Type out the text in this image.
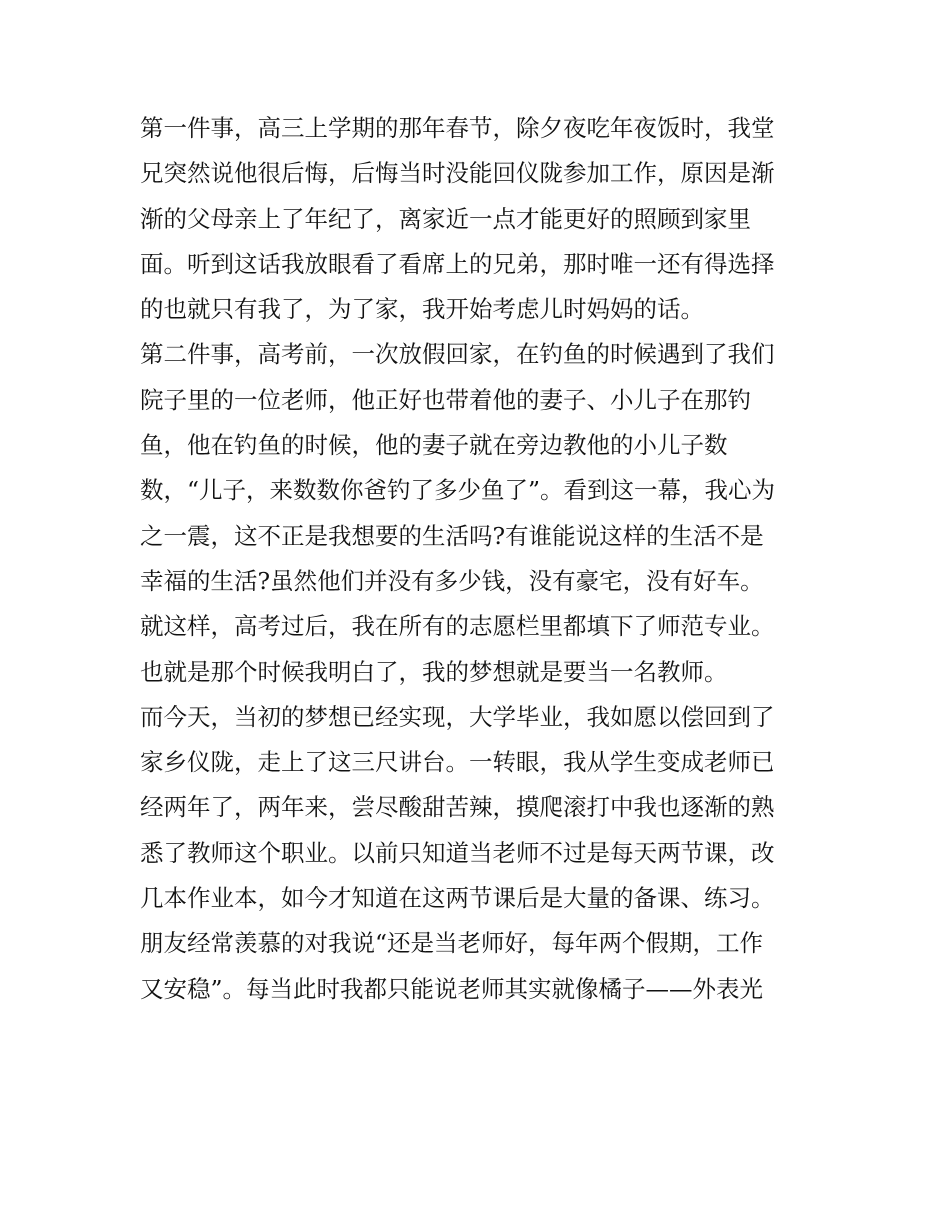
第一件事，高三上学期的那年春节，除夕夜吃年夜饭时，我堂
兄突然说他很后悔，后悔当时没能回仪陇参加工作，原因是渐
渐的父母亲上了年纪了，离家近一点才能更好的照顾到家里
面。听到这话我放眼看了看席上的兄弟，那时唯一还有得选择
的也就只有我了，为了家，我开始考虑儿时妈妈的话。
第二件事，高考前，一次放假回家，在钓鱼的时候遇到了我们
院子里的一位老师，他正好也带着他的妻子、小儿子在那钓
鱼，他在钓鱼的时候，他的妻子就在旁边教他的小儿子数
数，“儿子，来数数你爸钓了多少鱼了”。看到这一幕，我心为
之一震，这不正是我想要的生活吗?有谁能说这样的生活不是
幸福的生活?虽然他们并没有多少钱，没有豪宅，没有好车。
就这样，高考过后，我在所有的志愿栏里都填下了师范专业。
也就是那个时候我明白了，我的梦想就是要当一名教师。
而今天，当初的梦想已经实现，大学毕业，我如愿以偿回到了
家乡仪陇，走上了这三尺讲台。一转眼，我从学生变成老师已
经两年了，两年来，尝尽酸甜苦辣，摸爬滚打中我也逐渐的熟
悉了教师这个职业。以前只知道当老师不过是每天两节课，改
几本作业本，如今才知道在这两节课后是大量的备课、练习。
朋友经常羡慕的对我说“还是当老师好，每年两个假期，工作
又安稳”。每当此时我都只能说老师其实就像橘子——外表光
